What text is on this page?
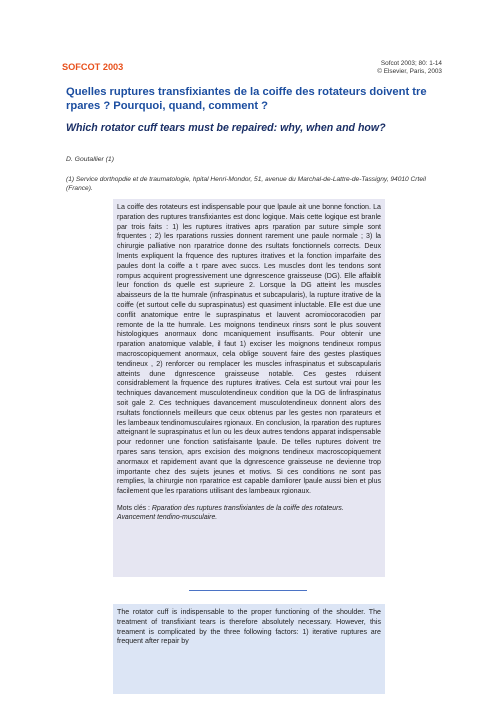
SOFCOT 2003	Sofcot 2003; 80: 1-14
© Elsevier, Paris, 2003
Quelles ruptures transfixiantes de la coiffe des rotateurs doivent tre rpares ? Pourquoi, quand, comment ?
Which rotator cuff tears must be repaired: why, when and how?
D. Goutallier (1)
(1) Service dorthopdie et de traumatologie, hpital Henri-Mondor, 51, avenue du Marchal-de-Lattre-de-Tassigny, 94010 Crteil (France).
La coiffe des rotateurs est indispensable pour que lpaule ait une bonne fonction. La rparation des ruptures transfixiantes est donc logique. Mais cette logique est branle par trois faits : 1) les ruptures itratives aprs rparation par suture simple sont frquentes ; 2) les rparations russies donnent rarement une paule normale ; 3) la chirurgie palliative non rparatrice donne des rsultats fonctionnels corrects. Deux lments expliquent la frquence des ruptures itratives et la fonction imparfaite des paules dont la coiffe a t rpare avec succs. Les muscles dont les tendons sont rompus acquirent progressivement une dgnrescence graisseuse (DG). Elle affaiblit leur fonction ds quelle est suprieure 2. Lorsque la DG atteint les muscles abaisseurs de la tte humrale (infraspinatus et subcapularis), la rupture itrative de la coiffe (et surtout celle du supraspinatus) est quasiment inluctable. Elle est due une conflit anatomique entre le supraspinatus et lauvent acromiocoracodien par remonte de la tte humrale. Les moignons tendineux rinsrs sont le plus souvent histologiques anormaux donc mcaniquement insuffisants. Pour obtenir une rparation anatomique valable, il faut 1) exciser les moignons tendineux rompus macroscopiquement anormaux, cela oblige souvent faire des gestes plastiques tendineux , 2) renforcer ou remplacer les muscles infraspinatus et subscapularis atteints dune dgnrescence graisseuse notable. Ces gestes rduisent considrablement la frquence des ruptures itratives. Cela est surtout vrai pour les techniques davancement musculotendineux condition que la DG de linfraspinatus soit gale 2. Ces techniques davancement musculotendineux donnent alors des rsultats fonctionnels meilleurs que ceux obtenus par les gestes non rparateurs et les lambeaux tendinomusculaires rgionaux. En conclusion, la rparation des ruptures atteignant le supraspinatus et lun ou les deux autres tendons apparat indispensable pour redonner une fonction satisfaisante lpaule. De telles ruptures doivent tre rpares sans tension, aprs excision des moignons tendineux macroscopiquement anormaux et rapidement avant que la dgnrescence graisseuse ne devienne trop importante chez des sujets jeunes et motivs. Si ces conditions ne sont pas remplies, la chirurgie non rparatrice est capable damliorer lpaule aussi bien et plus facilement que les rparations utilisant des lambeaux rgionaux.
Mots clés : Rparation des ruptures transfixiantes de la coiffe des rotateurs. Avancement tendino-musculaire.
The rotator cuff is indispensable to the proper functioning of the shoulder. The treatment of transfixiant tears is therefore absolutely necessary. However, this treament is complicated by the three following factors: 1) iterative ruptures are frequent after repair by
